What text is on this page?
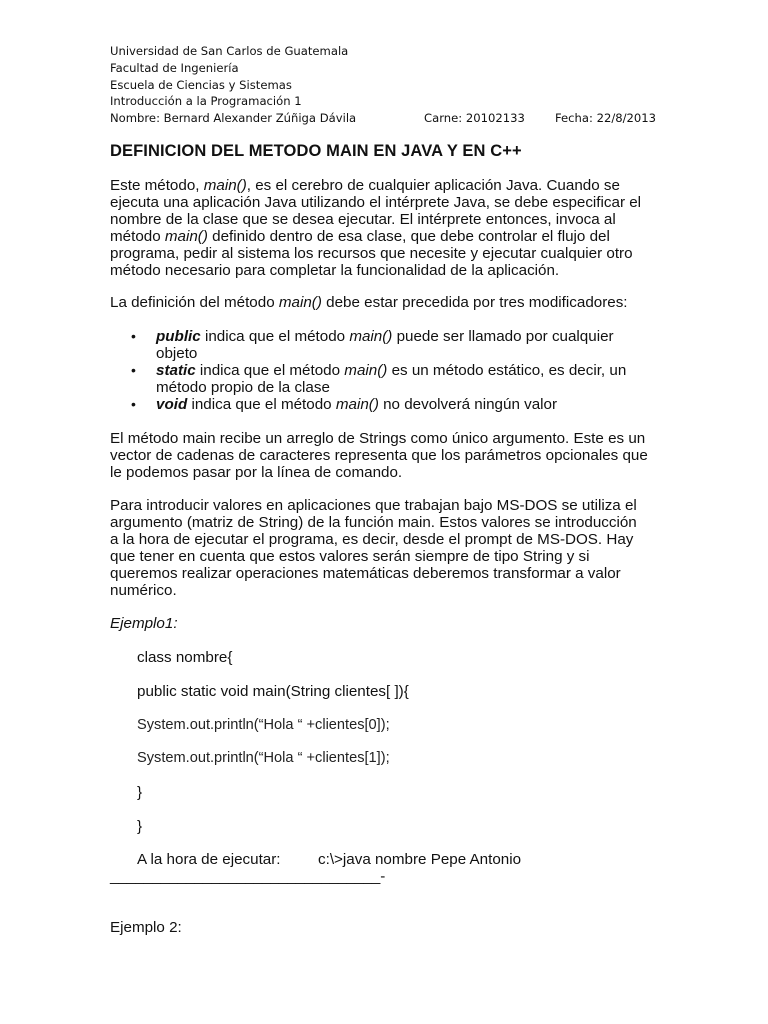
Universidad de San Carlos de Guatemala
Facultad de Ingeniería
Escuela de Ciencias y Sistemas
Introducción a la Programación 1
Nombre: Bernard Alexander Zúñiga Dávila	Carne: 20102133	Fecha: 22/8/2013
DEFINICION DEL METODO MAIN EN JAVA Y EN C++
Este método, main(), es el cerebro de cualquier aplicación Java. Cuando se
ejecuta una aplicación Java utilizando el intérprete Java, se debe especificar el
nombre de la clase que se desea ejecutar. El intérprete entonces, invoca al
método main() definido dentro de esa clase, que debe controlar el flujo del
programa, pedir al sistema los recursos que necesite y ejecutar cualquier otro
método necesario para completar la funcionalidad de la aplicación.
La definición del método main() debe estar precedida por tres modificadores:
• public indica que el método main() puede ser llamado por cualquier
objeto
• static indica que el método main() es un método estático, es decir, un
método propio de la clase
• void indica que el método main() no devolverá ningún valor
El método main recibe un arreglo de Strings como único argumento. Este es un
vector de cadenas de caracteres representa que los parámetros opcionales que
le podemos pasar por la línea de comando.
Para introducir valores en aplicaciones que trabajan bajo MS-DOS se utiliza el
argumento (matriz de String) de la función main. Estos valores se introducción
a la hora de ejecutar el programa, es decir, desde el prompt de MS-DOS. Hay
que tener en cuenta que estos valores serán siempre de tipo String y si
queremos realizar operaciones matemáticas deberemos transformar a valor
numérico.
Ejemplo1:
class nombre{
public static void main(String clientes[ ]){
System.out.println(“Hola “ +clientes[0]);
System.out.println(“Hola “ +clientes[1]);
}
}
A la hora de ejecutar: c:\>java nombre Pepe Antonio
________________________________-
Ejemplo 2:
